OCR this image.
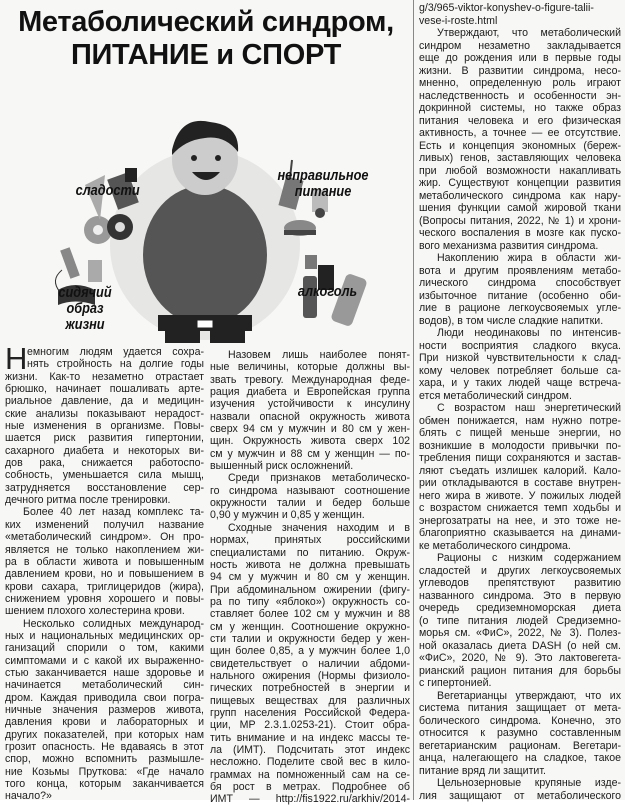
Метаболический синдром,
ПИТАНИЕ и СПОРТ
сладости
неправильное
питание
сидячий
образ жизни
алкоголь
Н емногим людям удается сохра-
нять стройность на долгие годы
жизни. Как-то незаметно отрастает
брюшко, начинает пошаливать арте-
риальное давление, да и медицин-
ские анализы показывают нерадост-
ные изменения в организме. Повы-
шается риск развития гипертонии,
сахарного диабета и некоторых ви-
дов рака, снижается работоспо-
собность, уменьшается сила мышц,
затрудняется восстановление сер-
дечного ритма после тренировки.
Более 40 лет назад комплекс та-
ких изменений получил название
«метаболический синдром». Он про-
является не только накоплением жи-
ра в области живота и повышенным
давлением крови, но и повышением в
крови сахара, триглицеридов (жира),
снижением уровня хорошего и повы-
шением плохого холестерина крови.
Несколько солидных международ-
ных и национальных медицинских ор-
ганизаций спорили о том, какими
симптомами и с какой их выраженно-
стью заканчивается наше здоровье и
начинается метаболический син-
дром. Каждая приводила свои погра-
ничные значения размеров живота,
давления крови и лабораторных и
других показателей, при которых нам
грозит опасность. Не вдаваясь в этот
спор, можно вспомнить размышле-
ние Козьмы Пруткова: «Где начало
того конца, которым заканчивается
начало?»
Назовем лишь наиболее понят-
ные величины, которые должны вы-
звать тревогу. Международная феде-
рация диабета и Европейская группа
изучения устойчивости к инсулину
назвали опасной окружность живота
сверх 94 см у мужчин и 80 см у жен-
щин. Окружность живота сверх 102
см у мужчин и 88 см у женщин — по-
вышенный риск осложнений.
Среди признаков метаболическо-
го синдрома называют соотношение
окружности талии и бедер больше
0,90 у мужчин и 0,85 у женщин.
Сходные значения находим и в
нормах, принятых российскими
специалистами по питанию. Окруж-
ность живота не должна превышать
94 см у мужчин и 80 см у женщин.
При абдоминальном ожирении (фигу-
ра по типу «яблоко») окружность со-
ставляет более 102 см у мужчин и 88
см у женщин. Соотношение окружно-
сти талии и окружности бедер у жен-
щин более 0,85, а у мужчин более 1,0
свидетельствует о наличии абдоми-
нального ожирения (Нормы физиоло-
гических потребностей в энергии и
пищевых веществах для различных
групп населения Российской Федера-
ции, МР 2.3.1.0253-21). Стоит обра-
тить внимание и на индекс массы те-
ла (ИМТ). Подсчитать этот индекс
несложно. Поделите свой вес в кило-
граммах на помноженный сам на се-
бя рост в метрах. Подробнее об
ИМТ — http://fis1922.ru/arkhiv/2014-
g/3/965-viktor-konyshev-o-figure-talii-
vese-i-roste.html
Утверждают, что метаболический
синдром незаметно закладывается
еще до рождения или в первые годы
жизни. В развитии синдрома, несо-
мненно, определенную роль играют
наследственность и особенности эн-
докринной системы, но также образ
питания человека и его физическая
активность, а точнее — ее отсутствие.
Есть и концепция экономных (береж-
ливых) генов, заставляющих человека
при любой возможности накапливать
жир. Существуют концепции развития
метаболического синдрома как нару-
шения функции самой жировой ткани
(Вопросы питания, 2022, № 1) и хрони-
ческого воспаления в мозге как пуско-
вого механизма развития синдрома.
Накоплению жира в области жи-
вота и другим проявлениям метабо-
лического синдрома способствует
избыточное питание (особенно оби-
лие в рационе легкоусвояемых угле-
водов), в том числе сладкие напитки.
Люди неодинаковы по интенсив-
ности восприятия сладкого вкуса.
При низкой чувствительности к слад-
кому человек потребляет больше са-
хара, и у таких людей чаще встреча-
ется метаболический синдром.
С возрастом наш энергетический
обмен понижается, нам нужно потре-
блять с пищей меньше энергии, но
возникшие в молодости привычки по-
требления пищи сохраняются и застав-
ляют съедать излишек калорий. Кало-
рии откладываются в составе внутрен-
него жира в животе. У пожилых людей
с возрастом снижается темп ходьбы и
энергозатраты на нее, и это тоже не-
благоприятно сказывается на динами-
ке метаболического синдрома.
Рационы с низким содержанием
сладостей и других легкоусвояемых
углеводов препятствуют развитию
названного синдрома. Это в первую
очередь средиземноморская диета
(о типе питания людей Средиземно-
морья см. «ФиС», 2022, № 3). Полез-
ной оказалась диета DASH (о ней см.
«ФиС», 2020, № 9). Это лактовегета-
рианский рацион питания для борьбы
с гипертонией.
Вегетарианцы утверждают, что их
система питания защищает от мета-
болического синдрома. Конечно, это
относится к разумно составленным
вегетарианским рационам. Вегетари-
анца, налегающего на сладкое, такое
питание вряд ли защитит.
Цельнозерновые крупяные изде-
лия защищают от метаболического
